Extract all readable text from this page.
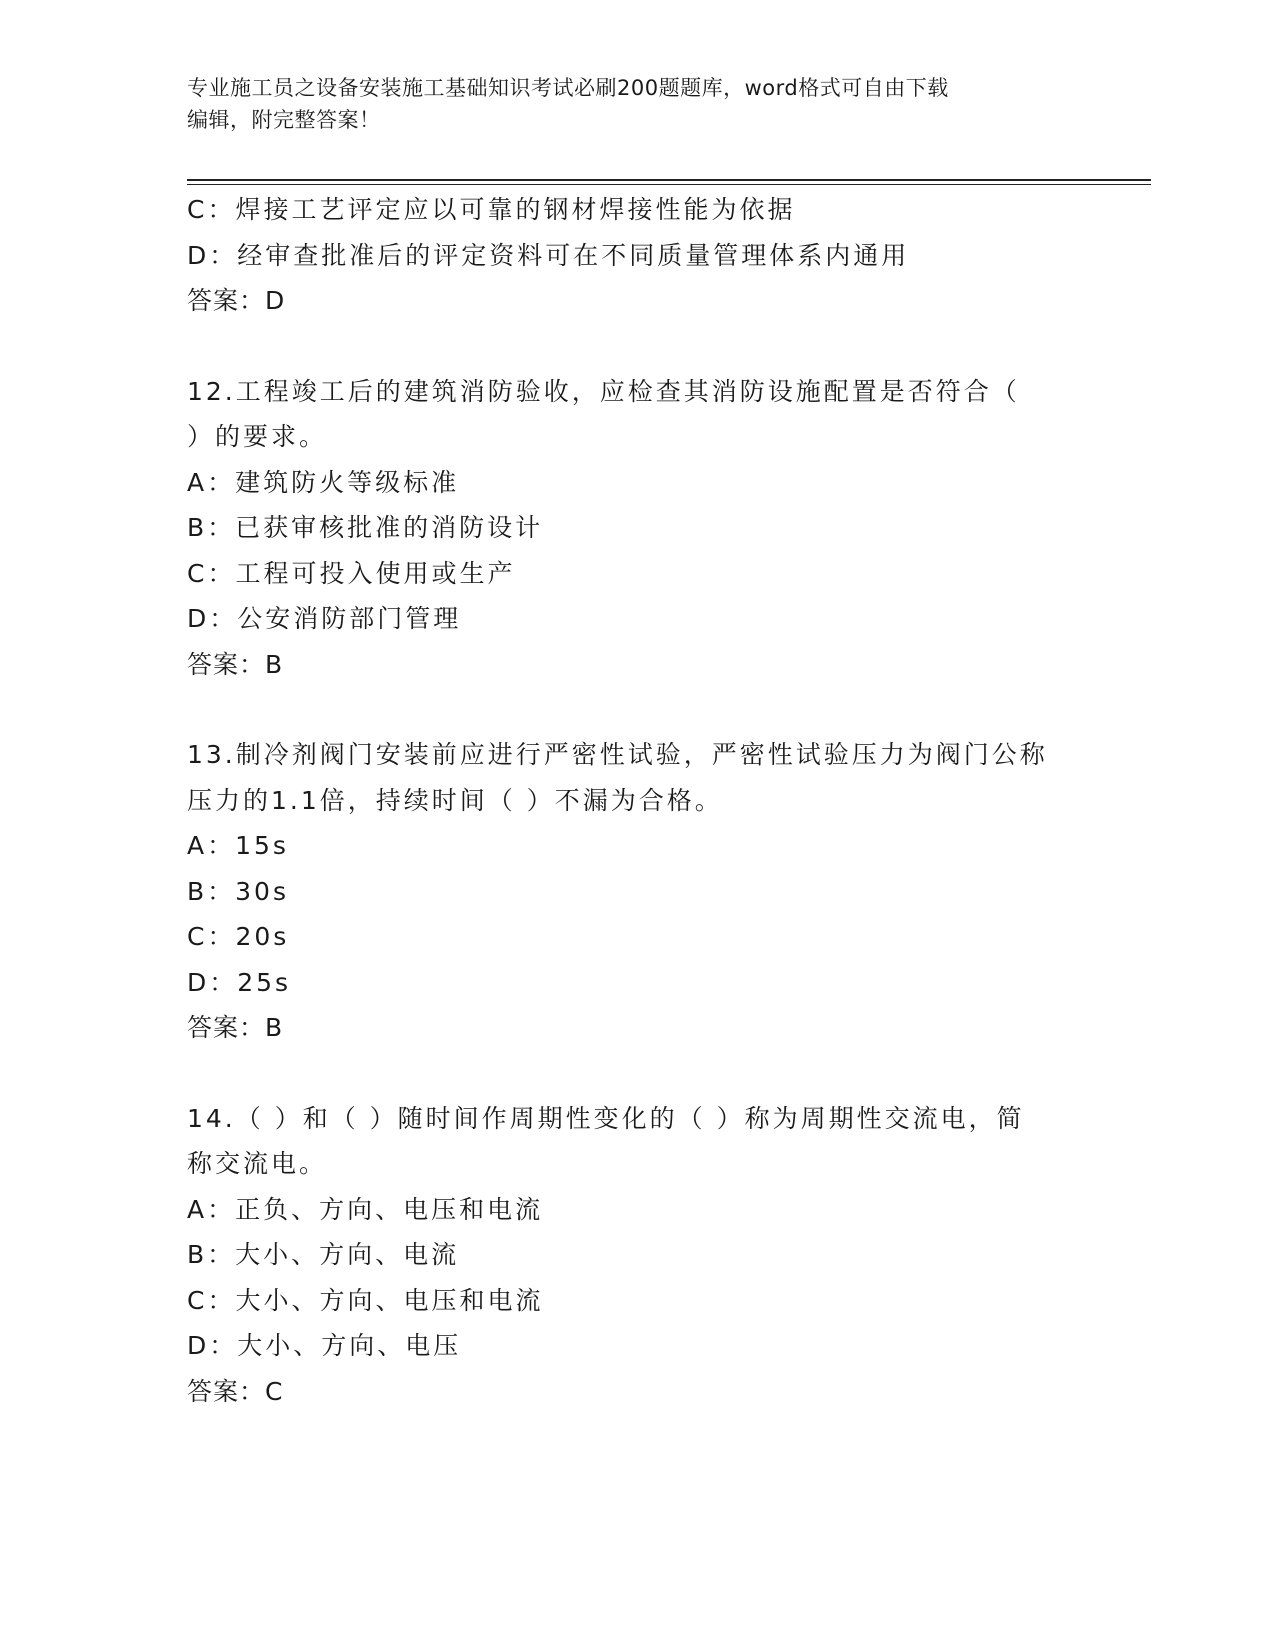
专业施工员之设备安装施工基础知识考试必刷200题题库，word格式可自由下载
编辑，附完整答案！
C：焊接工艺评定应以可靠的钢材焊接性能为依据
D：经审查批准后的评定资料可在不同质量管理体系内通用
答案：D
12.工程竣工后的建筑消防验收，应检查其消防设施配置是否符合（
）的要求。
A：建筑防火等级标准
B：已获审核批准的消防设计
C：工程可投入使用或生产
D：公安消防部门管理
答案：B
13.制冷剂阀门安装前应进行严密性试验，严密性试验压力为阀门公称
压力的1.1倍，持续时间（ ）不漏为合格。
A：15s
B：30s
C：20s
D：25s
答案：B
14.（ ）和（ ）随时间作周期性变化的（ ）称为周期性交流电，简
称交流电。
A：正负、方向、电压和电流
B：大小、方向、电流
C：大小、方向、电压和电流
D：大小、方向、电压
答案：C
